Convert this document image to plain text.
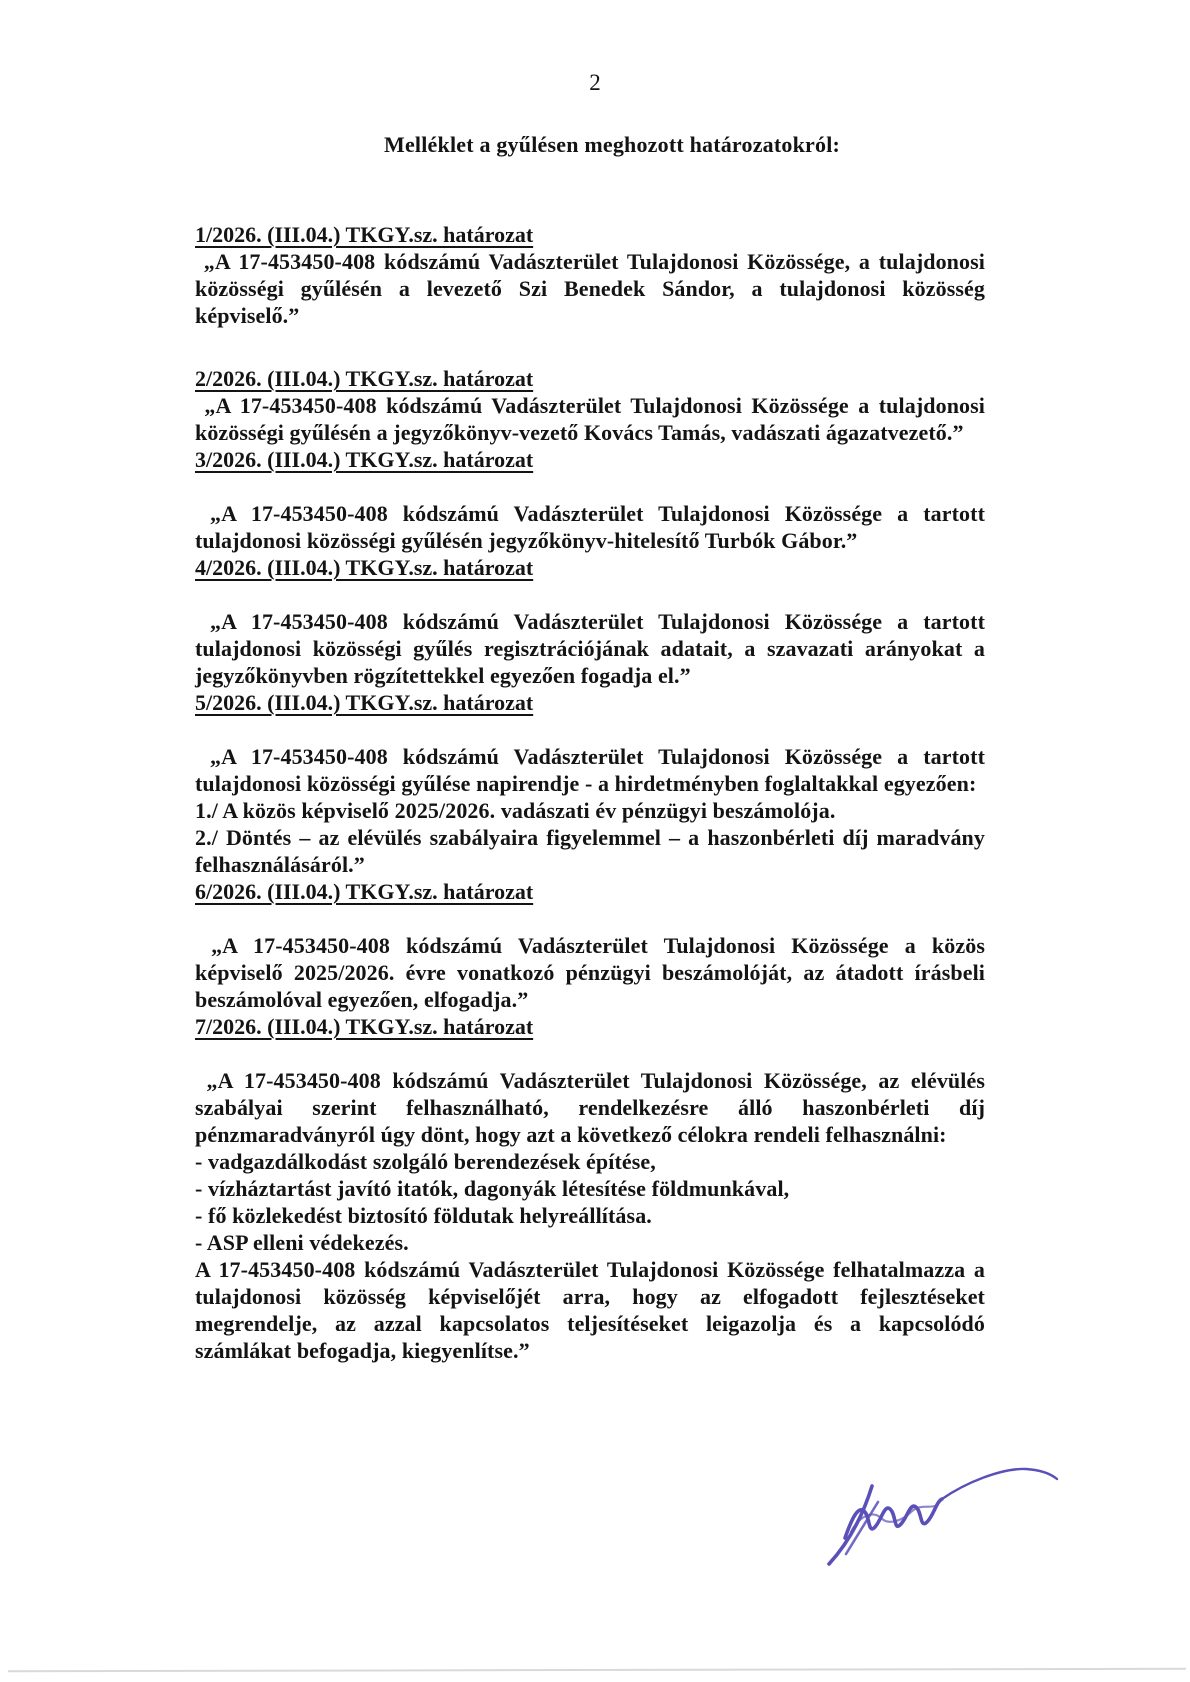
2
Melléklet a gyűlésen meghozott határozatokról:
1/2026. (III.04.) TKGY.sz. határozat

„A 17-453450-408 kódszámú Vadászterület Tulajdonosi Közössége, a tulajdonosi közösségi gyűlésén a levezető Szi Benedek Sándor, a tulajdonosi közösség képviselő.”

2/2026. (III.04.) TKGY.sz. határozat

„A 17-453450-408 kódszámú Vadászterület Tulajdonosi Közössége a tulajdonosi közösségi gyűlésén a jegyzőkönyv-vezető Kovács Tamás, vadászati ágazatvezető.”

3/2026. (III.04.) TKGY.sz. határozat

„A 17-453450-408 kódszámú Vadászterület Tulajdonosi Közössége a tartott tulajdonosi közösségi gyűlésén jegyzőkönyv-hitelesítő Turbók Gábor.”

4/2026. (III.04.) TKGY.sz. határozat

„A 17-453450-408 kódszámú Vadászterület Tulajdonosi Közössége a tartott tulajdonosi közösségi gyűlés regisztrációjának adatait, a szavazati arányokat a jegyzőkönyvben rögzítettekkel egyezően fogadja el.”

5/2026. (III.04.) TKGY.sz. határozat

„A 17-453450-408 kódszámú Vadászterület Tulajdonosi Közössége a tartott tulajdonosi közösségi gyűlése napirendje - a hirdetményben foglaltakkal egyezően:

1./ A közös képviselő 2025/2026. vadászati év pénzügyi beszámolója.

2./ Döntés – az elévülés szabályaira figyelemmel – a haszonbérleti díj maradvány felhasználásáról.”

6/2026. (III.04.) TKGY.sz. határozat

„A 17-453450-408 kódszámú Vadászterület Tulajdonosi Közössége a közös képviselő 2025/2026. évre vonatkozó pénzügyi beszámolóját, az átadott írásbeli beszámolóval egyezően, elfogadja.”

7/2026. (III.04.) TKGY.sz. határozat

„A 17-453450-408 kódszámú Vadászterület Tulajdonosi Közössége, az elévülés szabályai szerint felhasználható, rendelkezésre álló haszonbérleti díj pénzmaradványról úgy dönt, hogy azt a következő célokra rendeli felhasználni:

- vadgazdálkodást szolgáló berendezések építése,

- vízháztartást javító itatók, dagonyák létesítése földmunkával,

- fő közlekedést biztosító földutak helyreállítása.

- ASP elleni védekezés.

A 17-453450-408 kódszámú Vadászterület Tulajdonosi Közössége felhatalmazza a tulajdonosi közösség képviselőjét arra, hogy az elfogadott fejlesztéseket megrendelje, az azzal kapcsolatos teljesítéseket leigazolja és a kapcsolódó számlákat befogadja, kiegyenlítse.”
